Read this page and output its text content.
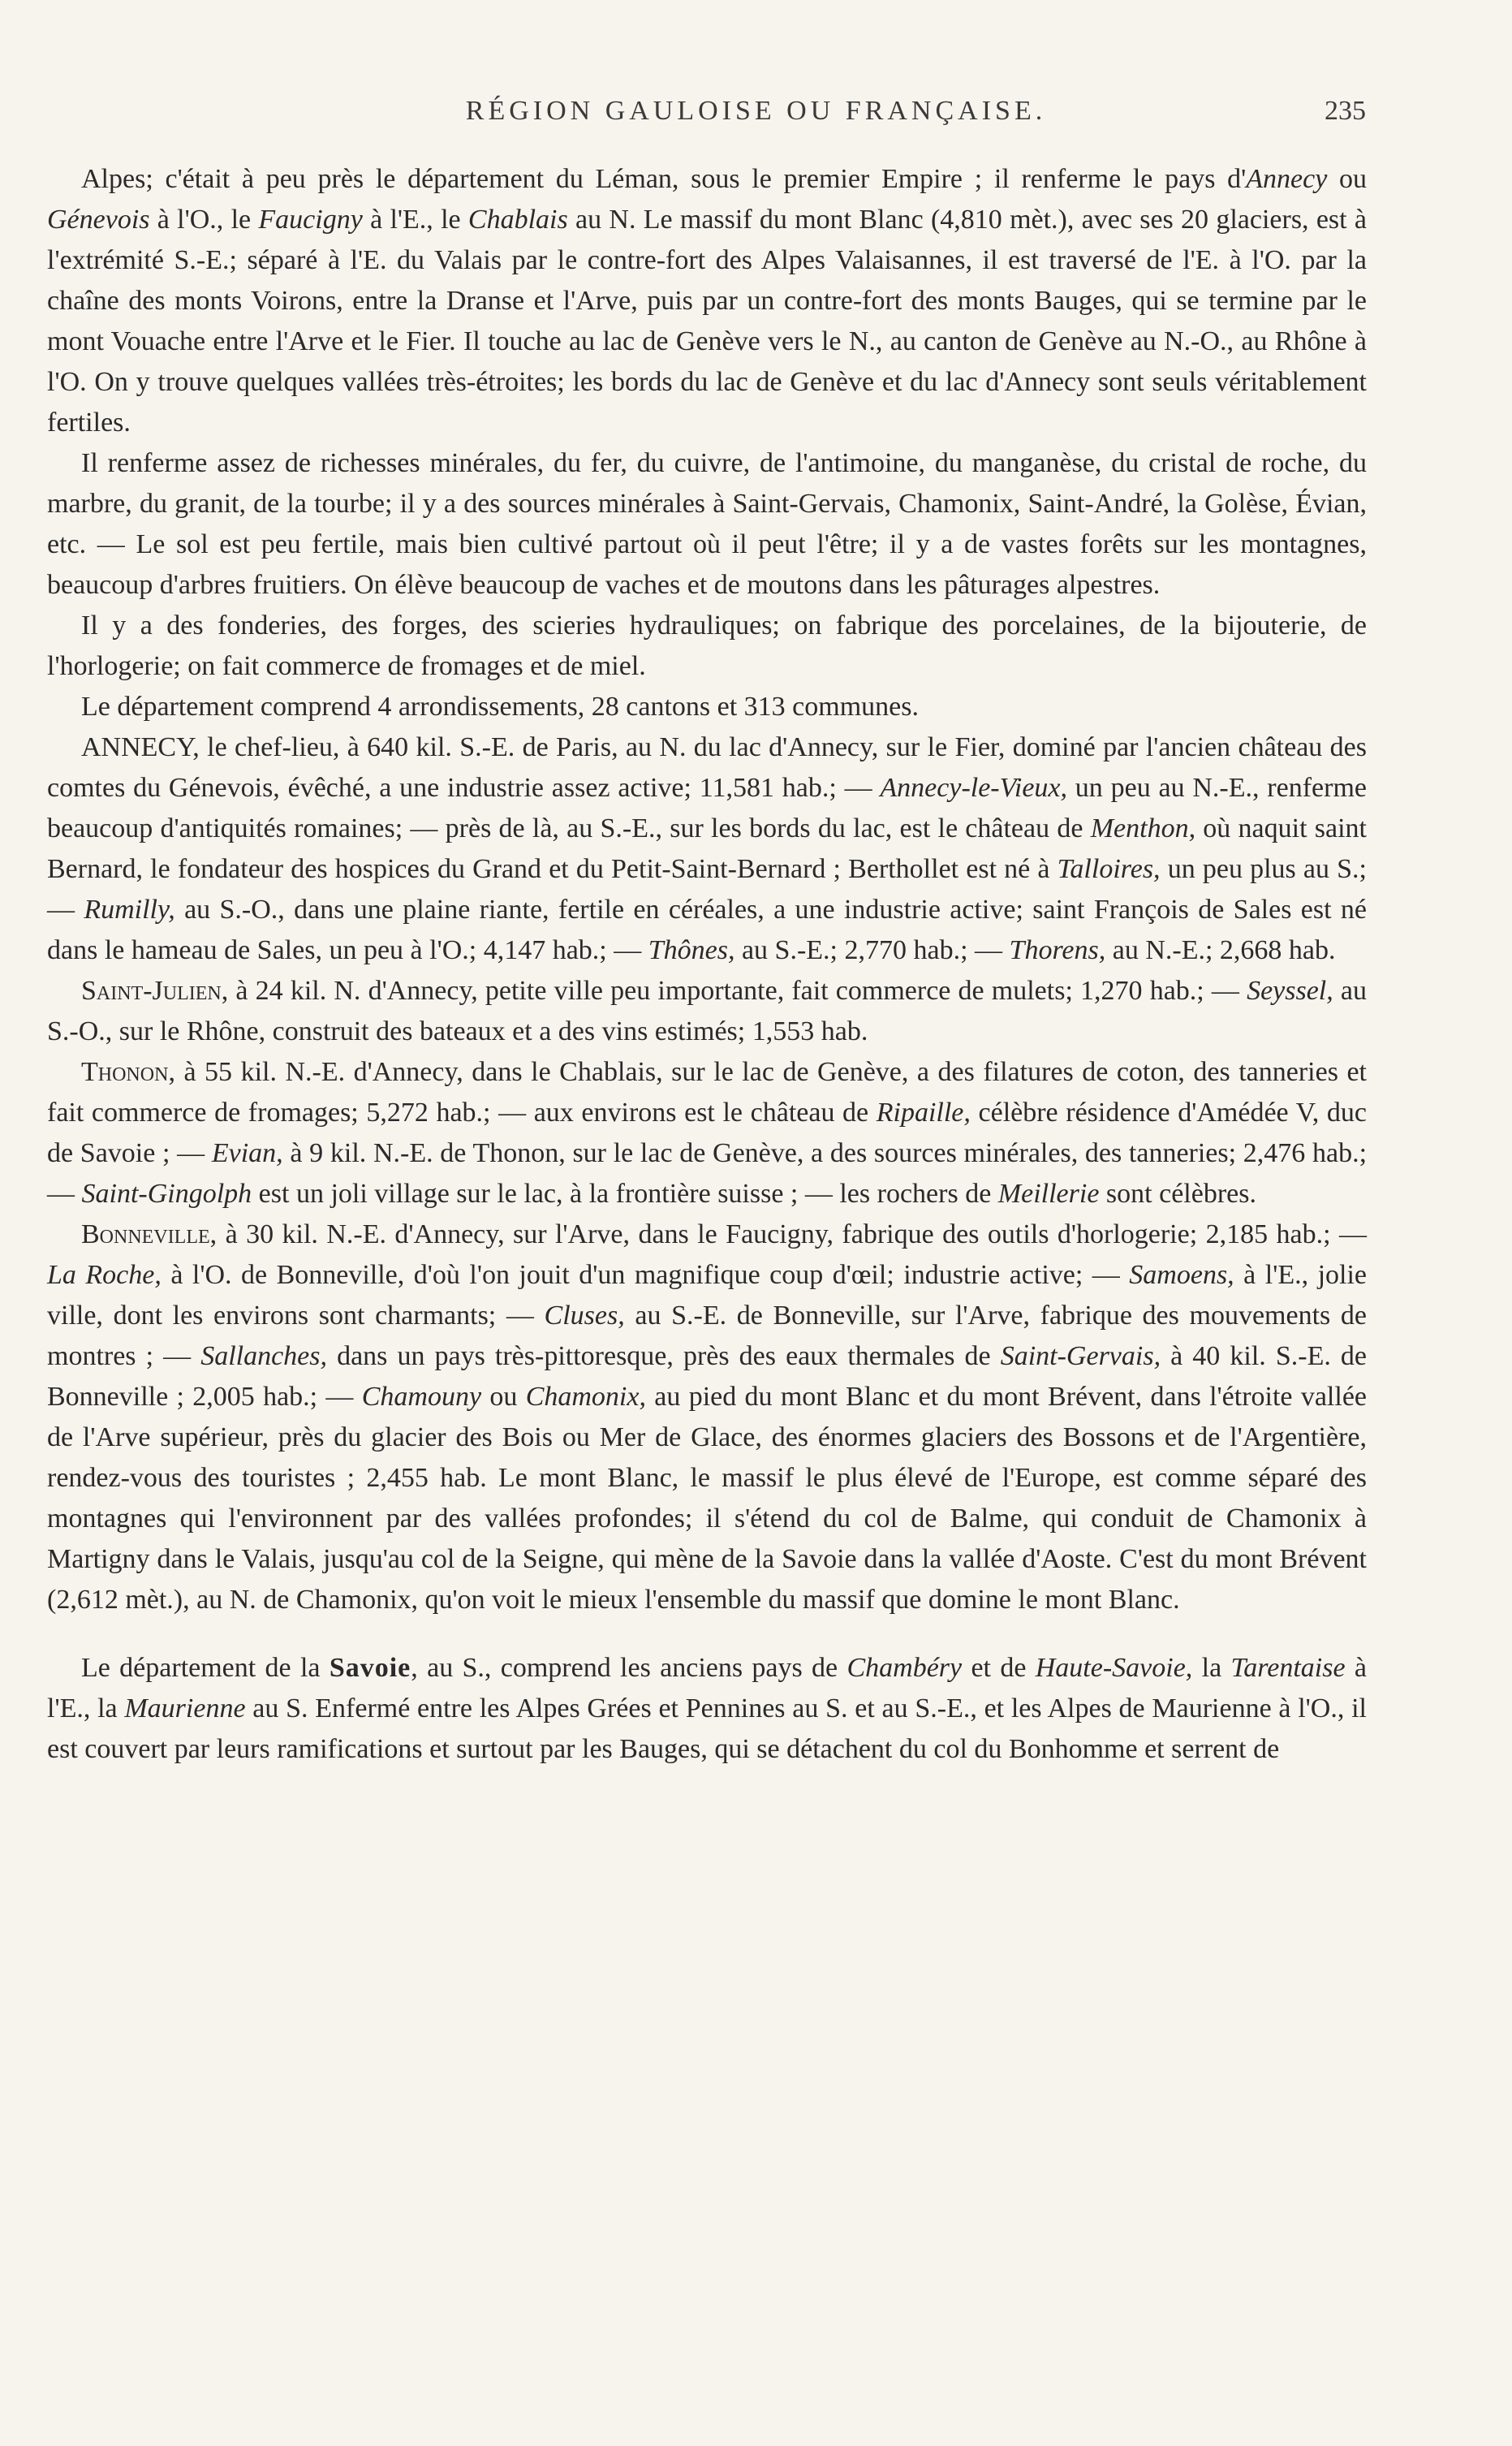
RÉGION GAULOISE OU FRANÇAISE.	235

Alpes; c'était à peu près le département du Léman, sous le premier Empire ; il renferme le pays d'Annecy ou Génevois à l'O., le Faucigny à l'E., le Chablais au N. Le massif du mont Blanc (4,810 mèt.), avec ses 20 glaciers, est à l'extrémité S.-E.; séparé à l'E. du Valais par le contre-fort des Alpes Valaisannes, il est traversé de l'E. à l'O. par la chaîne des monts Voirons, entre la Dranse et l'Arve, puis par un contre-fort des monts Bauges, qui se termine par le mont Vouache entre l'Arve et le Fier. Il touche au lac de Genève vers le N., au canton de Genève au N.-O., au Rhône à l'O. On y trouve quelques vallées très-étroites; les bords du lac de Genève et du lac d'Annecy sont seuls véritablement fertiles.

Il renferme assez de richesses minérales, du fer, du cuivre, de l'antimoine, du manganèse, du cristal de roche, du marbre, du granit, de la tourbe; il y a des sources minérales à Saint-Gervais, Chamonix, Saint-André, la Golèse, Évian, etc. — Le sol est peu fertile, mais bien cultivé partout où il peut l'être; il y a de vastes forêts sur les montagnes, beaucoup d'arbres fruitiers. On élève beaucoup de vaches et de moutons dans les pâturages alpestres.

Il y a des fonderies, des forges, des scieries hydrauliques; on fabrique des porcelaines, de la bijouterie, de l'horlogerie; on fait commerce de fromages et de miel.

Le département comprend 4 arrondissements, 28 cantons et 313 communes.

ANNECY, le chef-lieu, à 640 kil. S.-E. de Paris, au N. du lac d'Annecy, sur le Fier, dominé par l'ancien château des comtes du Génevois, évêché, a une industrie assez active; 11,581 hab.; — Annecy-le-Vieux, un peu au N.-E., renferme beaucoup d'antiquités romaines; — près de là, au S.-E., sur les bords du lac, est le château de Menthon, où naquit saint Bernard, le fondateur des hospices du Grand et du Petit-Saint-Bernard ; Berthollet est né à Talloires, un peu plus au S.; — Rumilly, au S.-O., dans une plaine riante, fertile en céréales, a une industrie active; saint François de Sales est né dans le hameau de Sales, un peu à l'O.; 4,147 hab.; — Thônes, au S.-E.; 2,770 hab.; — Thorens, au N.-E.; 2,668 hab.

Saint-Julien, à 24 kil. N. d'Annecy, petite ville peu importante, fait commerce de mulets; 1,270 hab.; — Seyssel, au S.-O., sur le Rhône, construit des bateaux et a des vins estimés; 1,553 hab.

Thonon, à 55 kil. N.-E. d'Annecy, dans le Chablais, sur le lac de Genève, a des filatures de coton, des tanneries et fait commerce de fromages; 5,272 hab.; — aux environs est le château de Ripaille, célèbre résidence d'Amédée V, duc de Savoie ; — Evian, à 9 kil. N.-E. de Thonon, sur le lac de Genève, a des sources minérales, des tanneries; 2,476 hab.; — Saint-Gingolph est un joli village sur le lac, à la frontière suisse ; — les rochers de Meillerie sont célèbres.

Bonneville, à 30 kil. N.-E. d'Annecy, sur l'Arve, dans le Faucigny, fabrique des outils d'horlogerie; 2,185 hab.; — La Roche, à l'O. de Bonneville, d'où l'on jouit d'un magnifique coup d'œil; industrie active; — Samoens, à l'E., jolie ville, dont les environs sont charmants; — Cluses, au S.-E. de Bonneville, sur l'Arve, fabrique des mouvements de montres ; — Sallanches, dans un pays très-pittoresque, près des eaux thermales de Saint-Gervais, à 40 kil. S.-E. de Bonneville ; 2,005 hab.; — Chamouny ou Chamonix, au pied du mont Blanc et du mont Brévent, dans l'étroite vallée de l'Arve supérieur, près du glacier des Bois ou Mer de Glace, des énormes glaciers des Bossons et de l'Argentière, rendez-vous des touristes ; 2,455 hab. Le mont Blanc, le massif le plus élevé de l'Europe, est comme séparé des montagnes qui l'environnent par des vallées profondes; il s'étend du col de Balme, qui conduit de Chamonix à Martigny dans le Valais, jusqu'au col de la Seigne, qui mène de la Savoie dans la vallée d'Aoste. C'est du mont Brévent (2,612 mèt.), au N. de Chamonix, qu'on voit le mieux l'ensemble du massif que domine le mont Blanc.

Le département de la Savoie, au S., comprend les anciens pays de Chambéry et de Haute-Savoie, la Tarentaise à l'E., la Maurienne au S. Enfermé entre les Alpes Grées et Pennines au S. et au S.-E., et les Alpes de Maurienne à l'O., il est couvert par leurs ramifications et surtout par les Bauges, qui se détachent du col du Bonhomme et serrent de
